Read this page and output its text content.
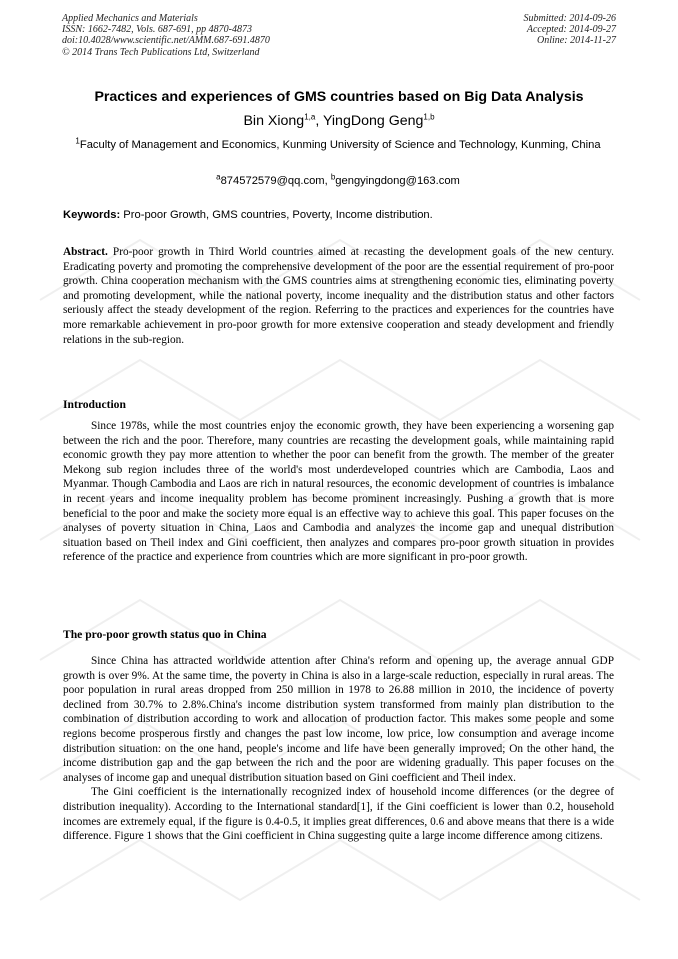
Applied Mechanics and Materials
ISSN: 1662-7482, Vols. 687-691, pp 4870-4873
doi:10.4028/www.scientific.net/AMM.687-691.4870
© 2014 Trans Tech Publications Ltd, Switzerland
Submitted: 2014-09-26
Accepted: 2014-09-27
Online: 2014-11-27
Practices and experiences of GMS countries based on Big Data Analysis
Bin Xiong$^{1,a}$, YingDong Geng$^{1,b}$
$^1$Faculty of Management and Economics, Kunming University of Science and Technology, Kunming, China
$^a$874572579@qq.com, $^b$gengyingdong@163.com
Keywords: Pro-poor Growth, GMS countries, Poverty, Income distribution.

Abstract. Pro-poor growth in Third World countries aimed at recasting the development goals of the new century. Eradicating poverty and promoting the comprehensive development of the poor are the essential requirement of pro-poor growth. China cooperation mechanism with the GMS countries aims at strengthening economic ties, eliminating poverty and promoting development, while the national poverty, income inequality and the distribution status and other factors seriously affect the steady development of the region. Referring to the practices and experiences for the countries have more remarkable achievement in pro-poor growth for more extensive cooperation and steady development and friendly relations in the sub-region.

Introduction

Since 1978s, while the most countries enjoy the economic growth, they have been experiencing a worsening gap between the rich and the poor. Therefore, many countries are recasting the development goals, while maintaining rapid economic growth they pay more attention to whether the poor can benefit from the growth. The member of the greater Mekong sub region includes three of the world's most underdeveloped countries which are Cambodia, Laos and Myanmar. Though Cambodia and Laos are rich in natural resources, the economic development of countries is imbalance in recent years and income inequality problem has become prominent increasingly. Pushing a growth that is more beneficial to the poor and make the society more equal is an effective way to achieve this goal. This paper focuses on the analyses of poverty situation in China, Laos and Cambodia and analyzes the income gap and unequal distribution situation based on Theil index and Gini coefficient, then analyzes and compares pro-poor growth situation in provides reference of the practice and experience from countries which are more significant in pro-poor growth.

The pro-poor growth status quo in China

Since China has attracted worldwide attention after China's reform and opening up, the average annual GDP growth is over 9%. At the same time, the poverty in China is also in a large-scale reduction, especially in rural areas. The poor population in rural areas dropped from 250 million in 1978 to 26.88 million in 2010, the incidence of poverty declined from 30.7% to 2.8%.China's income distribution system transformed from mainly plan distribution to the combination of distribution according to work and allocation of production factor. This makes some people and some regions become prosperous firstly and changes the past low income, low price, low consumption and average income distribution situation: on the one hand, people's income and life have been generally improved; On the other hand, the income distribution gap and the gap between the rich and the poor are widening gradually. This paper focuses on the analyses of income gap and unequal distribution situation based on Gini coefficient and Theil index.

The Gini coefficient is the internationally recognized index of household income differences (or the degree of distribution inequality). According to the International standard[1], if the Gini coefficient is lower than 0.2, household incomes are extremely equal, if the figure is 0.4-0.5, it implies great differences, 0.6 and above means that there is a wide difference. Figure 1 shows that the Gini coefficient in China suggesting quite a large income difference among citizens.
